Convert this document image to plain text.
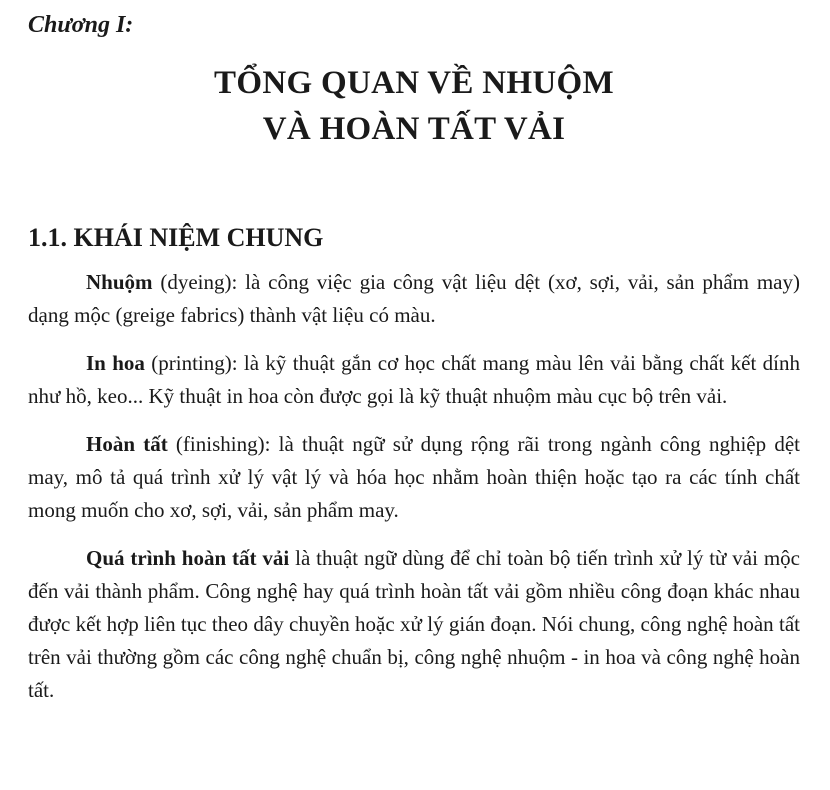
Chương I:

TỔNG QUAN VỀ NHUỘM
VÀ HOÀN TẤT VẢI
1.1. KHÁI NIỆM CHUNG

Nhuộm (dyeing): là công việc gia công vật liệu dệt (xơ, sợi, vải, sản phẩm may) dạng mộc (greige fabrics) thành vật liệu có màu.

In hoa (printing): là kỹ thuật gắn cơ học chất mang màu lên vải bằng chất kết dính như hồ, keo... Kỹ thuật in hoa còn được gọi là kỹ thuật nhuộm màu cục bộ trên vải.

Hoàn tất (finishing): là thuật ngữ sử dụng rộng rãi trong ngành công nghiệp dệt may, mô tả quá trình xử lý vật lý và hóa học nhằm hoàn thiện hoặc tạo ra các tính chất mong muốn cho xơ, sợi, vải, sản phẩm may.

Quá trình hoàn tất vải là thuật ngữ dùng để chỉ toàn bộ tiến trình xử lý từ vải mộc đến vải thành phẩm. Công nghệ hay quá trình hoàn tất vải gồm nhiều công đoạn khác nhau được kết hợp liên tục theo dây chuyền hoặc xử lý gián đoạn. Nói chung, công nghệ hoàn tất trên vải thường gồm các công nghệ chuẩn bị, công nghệ nhuộm - in hoa và công nghệ hoàn tất.
